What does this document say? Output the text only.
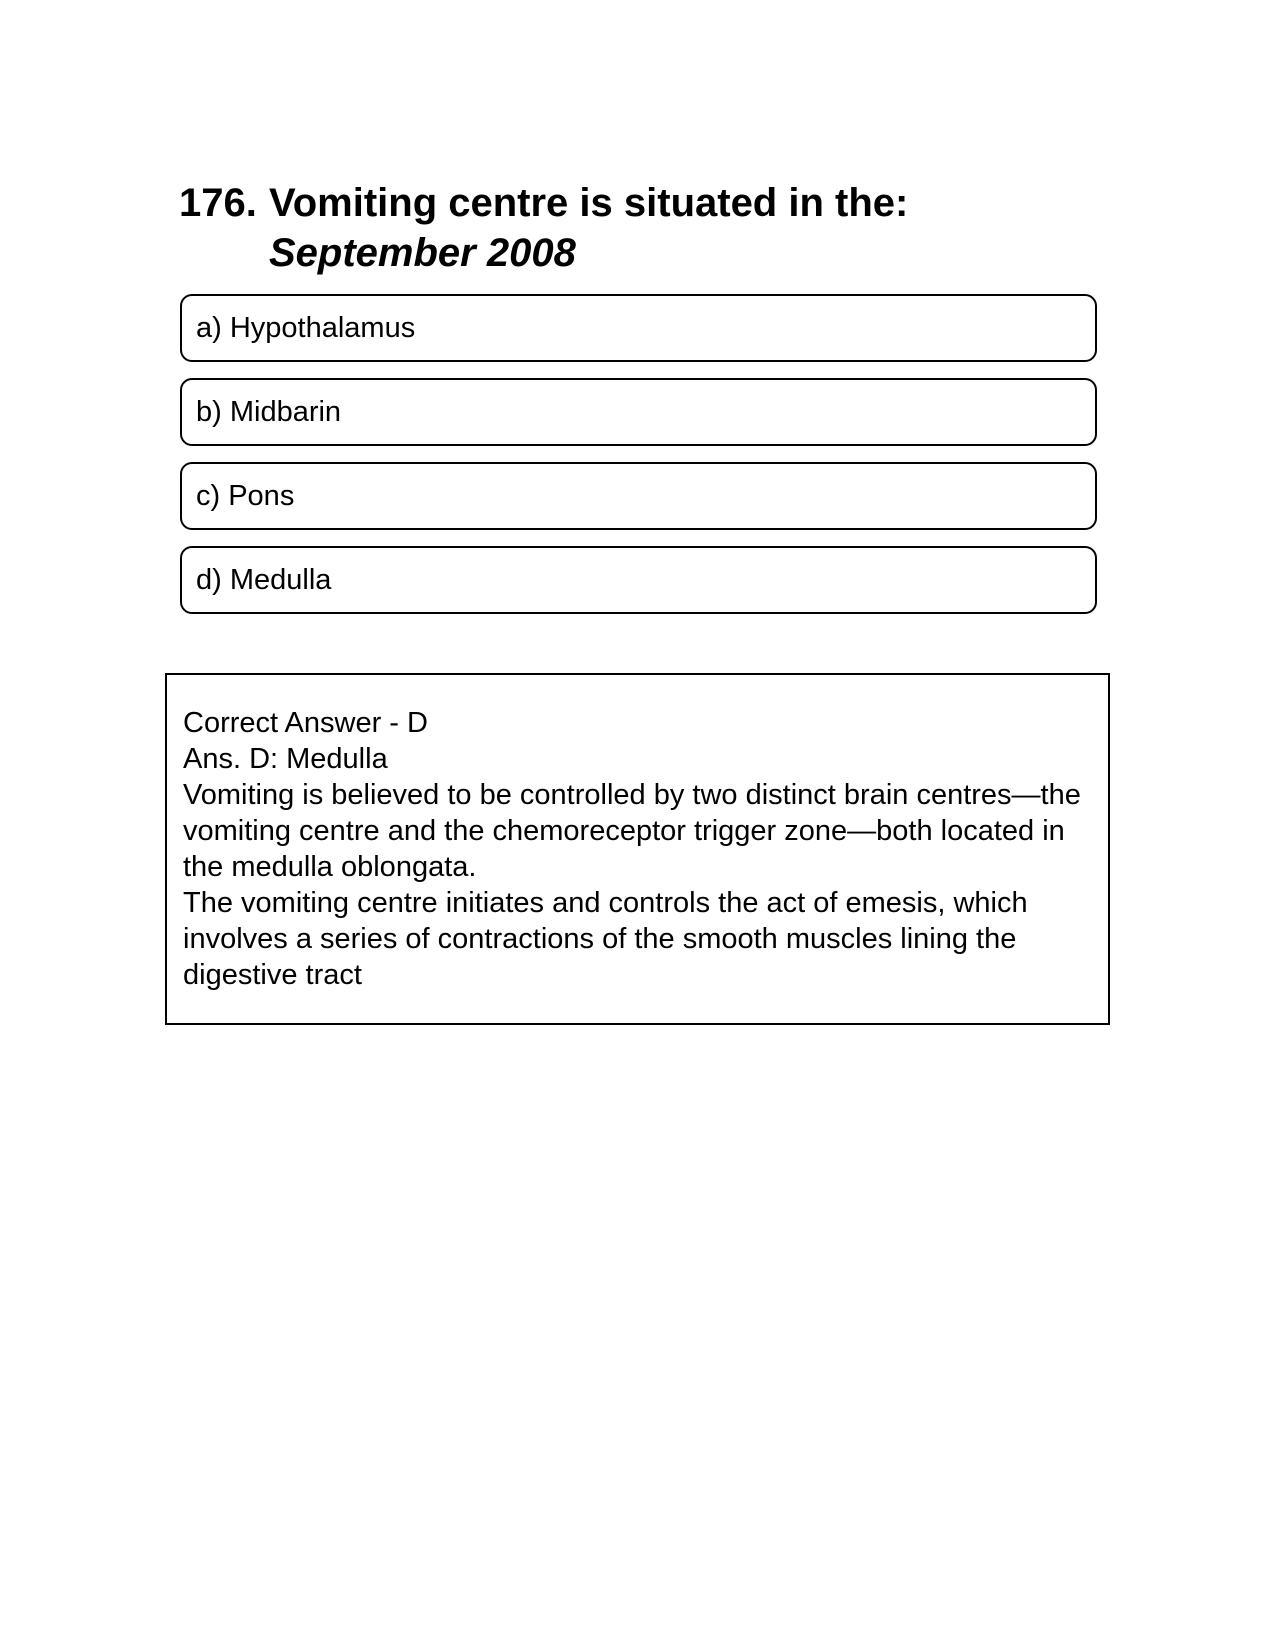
176. Vomiting centre is situated in the:
September 2008
a) Hypothalamus
b) Midbarin
c) Pons
d) Medulla

Correct Answer - D

Ans. D: Medulla

Vomiting is believed to be controlled by two distinct brain centres—the vomiting centre and the chemoreceptor trigger zone—both located in the medulla oblongata.

The vomiting centre initiates and controls the act of emesis, which involves a series of contractions of the smooth muscles lining the digestive tract
